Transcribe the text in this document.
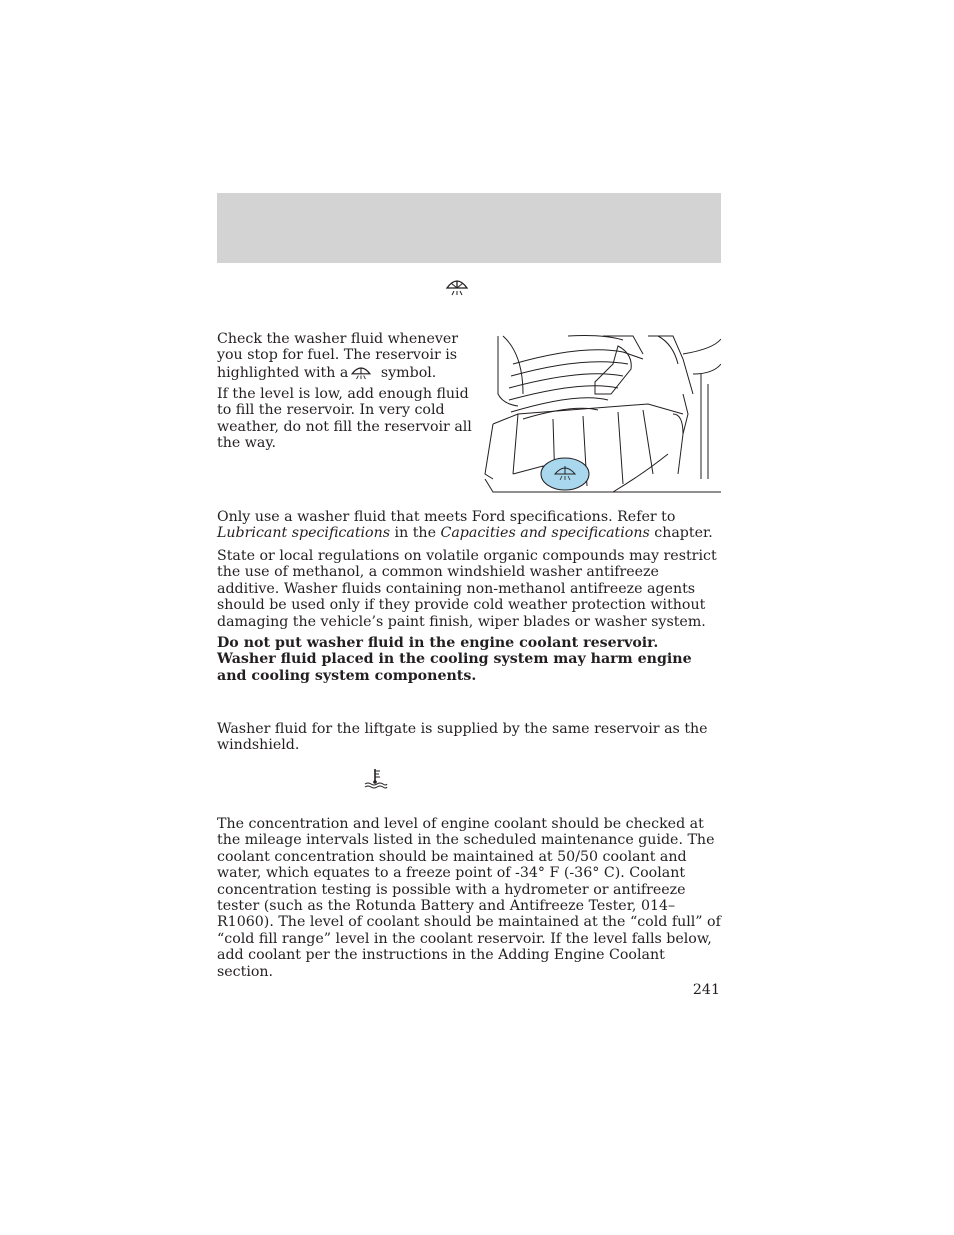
Check the washer fluid whenever
you stop for fuel. The reservoir is
highlighted with a symbol.

If the level is low, add enough fluid
to fill the reservoir. In very cold
weather, do not fill the reservoir all
the way.

Only use a washer fluid that meets Ford specifications. Refer to
Lubricant specifications in the Capacities and specifications chapter.

State or local regulations on volatile organic compounds may restrict the use of methanol, a common windshield washer antifreeze additive. Washer fluids containing non-methanol antifreeze agents should be used only if they provide cold weather protection without damaging the vehicle’s paint finish, wiper blades or washer system.

Do not put washer fluid in the engine coolant reservoir. Washer fluid placed in the cooling system may harm engine and cooling system components.

Washer fluid for the liftgate is supplied by the same reservoir as the windshield.

The concentration and level of engine coolant should be checked at the mileage intervals listed in the scheduled maintenance guide. The coolant concentration should be maintained at 50/50 coolant and water, which equates to a freeze point of -34° F (-36° C). Coolant concentration testing is possible with a hydrometer or antifreeze tester (such as the Rotunda Battery and Antifreeze Tester, 014–R1060). The level of coolant should be maintained at the “cold full” of “cold fill range” level in the coolant reservoir. If the level falls below, add coolant per the instructions in the Adding Engine Coolant section.

241
